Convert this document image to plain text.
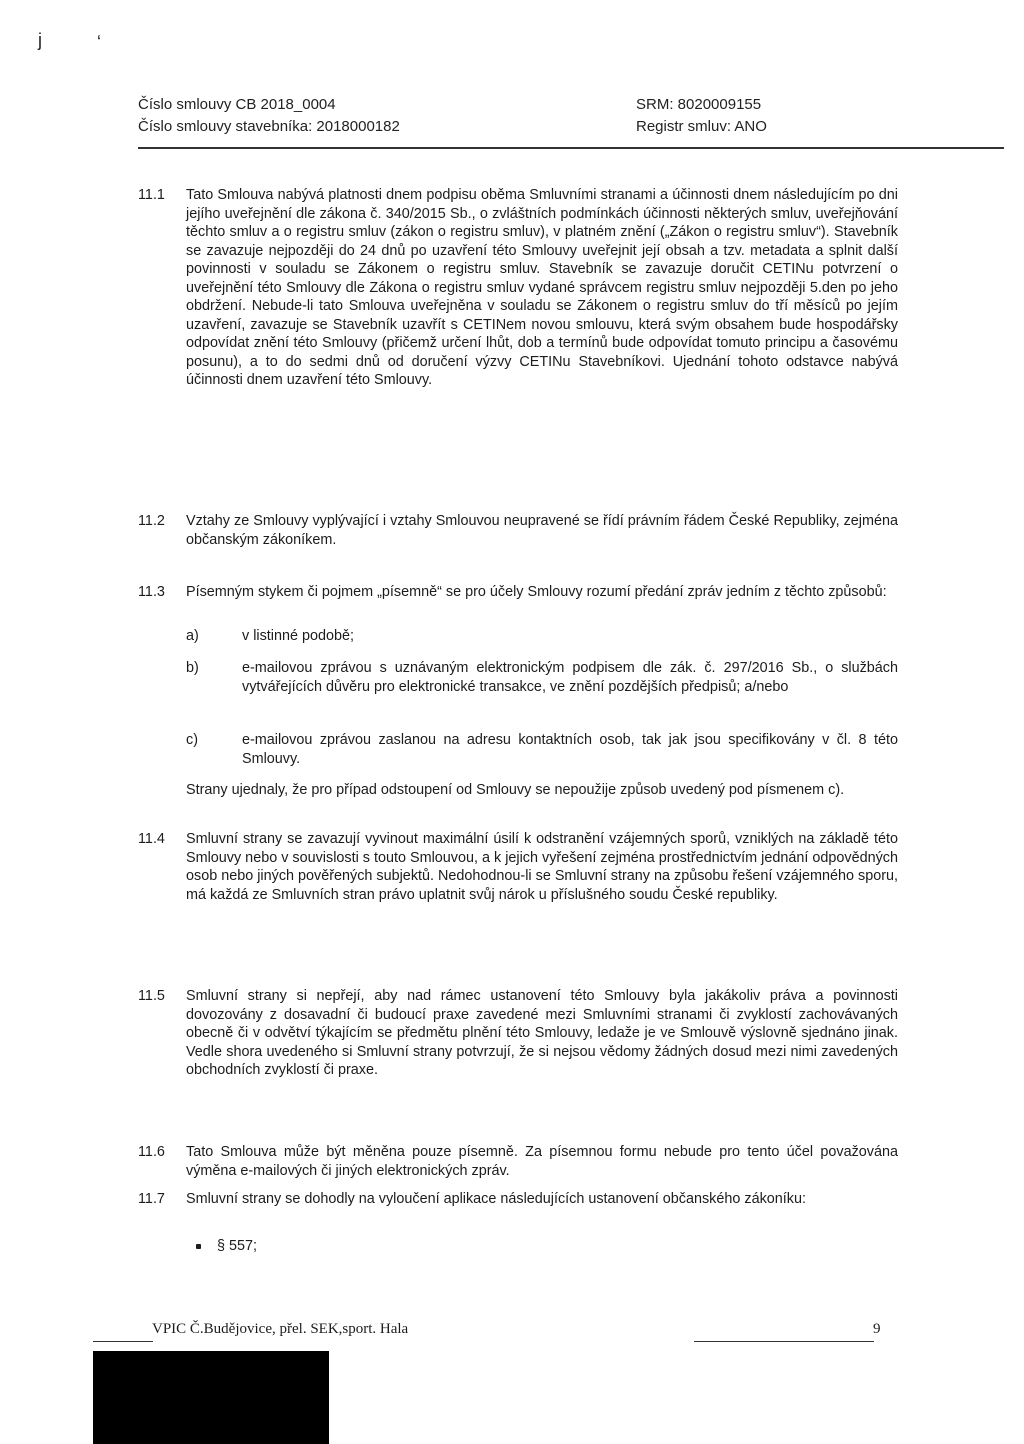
j	‘
Číslo smlouvy CB 2018_0004
Číslo smlouvy stavebníka: 2018000182
SRM: 8020009155
Registr smluv: ANO
11.1	Tato Smlouva nabývá platnosti dnem podpisu oběma Smluvními stranami a účinnosti dnem následujícím po dni jejího uveřejnění dle zákona č. 340/2015 Sb., o zvláštních podmínkách účinnosti některých smluv, uveřejňování těchto smluv a o registru smluv (zákon o registru smluv), v platném znění („Zákon o registru smluv“). Stavebník se zavazuje nejpozději do 24 dnů po uzavření této Smlouvy uveřejnit její obsah a tzv. metadata a splnit další povinnosti v souladu se Zákonem o registru smluv. Stavebník se zavazuje doručit CETINu potvrzení o uveřejnění této Smlouvy dle Zákona o registru smluv vydané správcem registru smluv nejpozději 5.den po jeho obdržení. Nebude-li tato Smlouva uveřejněna v souladu se Zákonem o registru smluv do tří měsíců po jejím uzavření, zavazuje se Stavebník uzavřít s CETINem novou smlouvu, která svým obsahem bude hospodářsky odpovídat znění této Smlouvy (přičemž určení lhůt, dob a termínů bude odpovídat tomuto principu a časovému posunu), a to do sedmi dnů od doručení výzvy CETINu Stavebníkovi. Ujednání tohoto odstavce nabývá účinnosti dnem uzavření této Smlouvy.
11.2	Vztahy ze Smlouvy vyplývající i vztahy Smlouvou neupravené se řídí právním řádem České Republiky, zejména občanským zákoníkem.
11.3	Písemným stykem či pojmem „písemně“ se pro účely Smlouvy rozumí předání zpráv jedním z těchto způsobů:
a)	v listinné podobě;
b)	e-mailovou zprávou s uznávaným elektronickým podpisem dle zák. č. 297/2016 Sb., o službách vytvářejících důvěru pro elektronické transakce, ve znění pozdějších předpisů; a/nebo
c)	e-mailovou zprávou zaslanou na adresu kontaktních osob, tak jak jsou specifikovány v čl. 8 této Smlouvy.
Strany ujednaly, že pro případ odstoupení od Smlouvy se nepoužije způsob uvedený pod písmenem c).
11.4	Smluvní strany se zavazují vyvinout maximální úsilí k odstranění vzájemných sporů, vzniklých na základě této Smlouvy nebo v souvislosti s touto Smlouvou, a k jejich vyřešení zejména prostřednictvím jednání odpovědných osob nebo jiných pověřených subjektů. Nedohodnou-li se Smluvní strany na způsobu řešení vzájemného sporu, má každá ze Smluvních stran právo uplatnit svůj nárok u příslušného soudu České republiky.
11.5	Smluvní strany si nepřejí, aby nad rámec ustanovení této Smlouvy byla jakákoliv práva a povinnosti dovozovány z dosavadní či budoucí praxe zavedené mezi Smluvními stranami či zvyklostí zachovávaných obecně či v odvětví týkajícím se předmětu plnění této Smlouvy, ledaže je ve Smlouvě výslovně sjednáno jinak. Vedle shora uvedeného si Smluvní strany potvrzují, že si nejsou vědomy žádných dosud mezi nimi zavedených obchodních zvyklostí či praxe.
11.6	Tato Smlouva může být měněna pouze písemně. Za písemnou formu nebude pro tento účel považována výměna e-mailových či jiných elektronických zpráv.
11.7	Smluvní strany se dohodly na vyloučení aplikace následujících ustanovení občanského zákoníku:
§ 557;
VPIC Č.Budějovice, přel. SEK,sport. Hala	9
